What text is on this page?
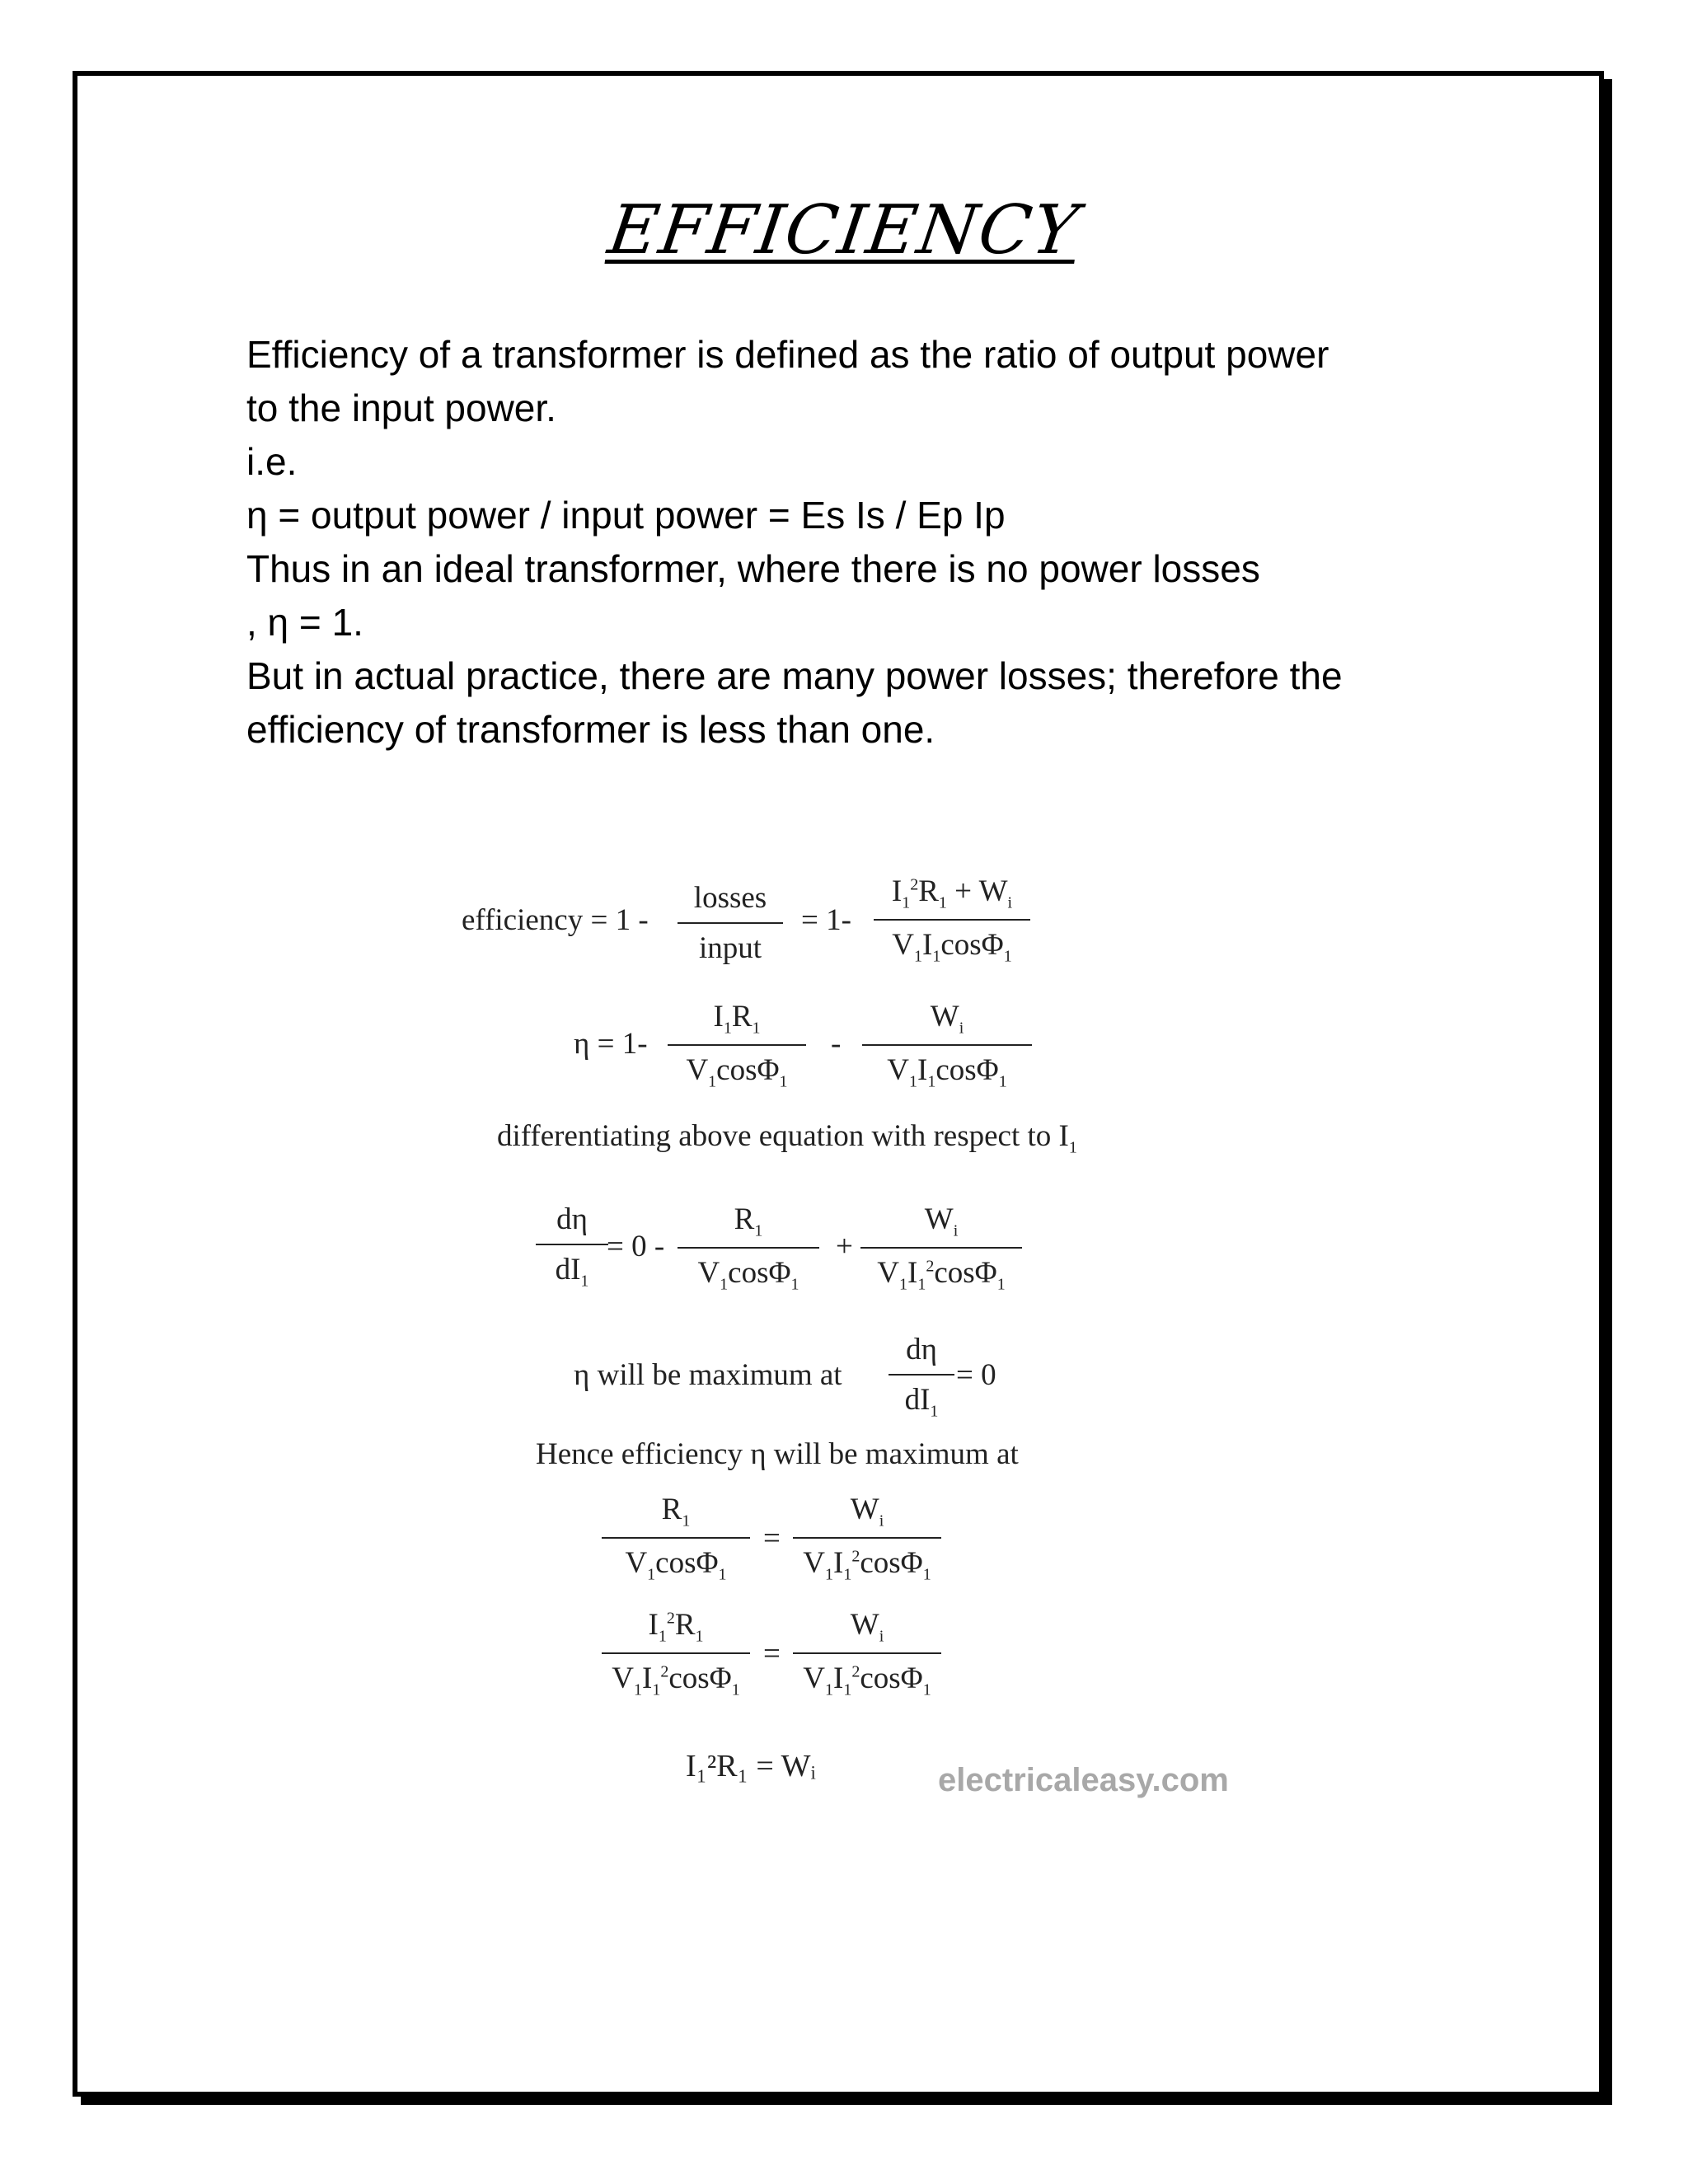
EFFICIENCY
Efficiency of a transformer is defined as the ratio of output power
to the input power.
i.e.
η = output power / input power = Es Is / Ep Ip
Thus in an ideal transformer, where there is no power losses
, η = 1.
But in actual practice, there are many power losses; therefore the
efficiency of transformer is less than one.
efficiency = 1 -
losses
input
= 1-
$I_1^2R_1 + W_i$
$V_1I_1\cos\Phi_1$
η = 1-
$I_1R_1$
$V_1\cos\Phi_1$
-
$W_i$
$V_1I_1\cos\Phi_1$
differentiating above equation with respect to $I_1$
dη
$dI_1$
= 0 -
$R_1$
$V_1\cos\Phi_1$
+
$W_i$
$V_1I_1^2\cos\Phi_1$
η will be maximum at
dη
$dI_1$
= 0
Hence efficiency η will be maximum at
$R_1$
$V_1\cos\Phi_1$
=
$W_i$
$V_1I_1^2\cos\Phi_1$
$I_1^2R_1$
$V_1I_1^2\cos\Phi_1$
=
$W_i$
$V_1I_1^2\cos\Phi_1$
I₁²R₁ = Wᵢ	electricaleasy.com
